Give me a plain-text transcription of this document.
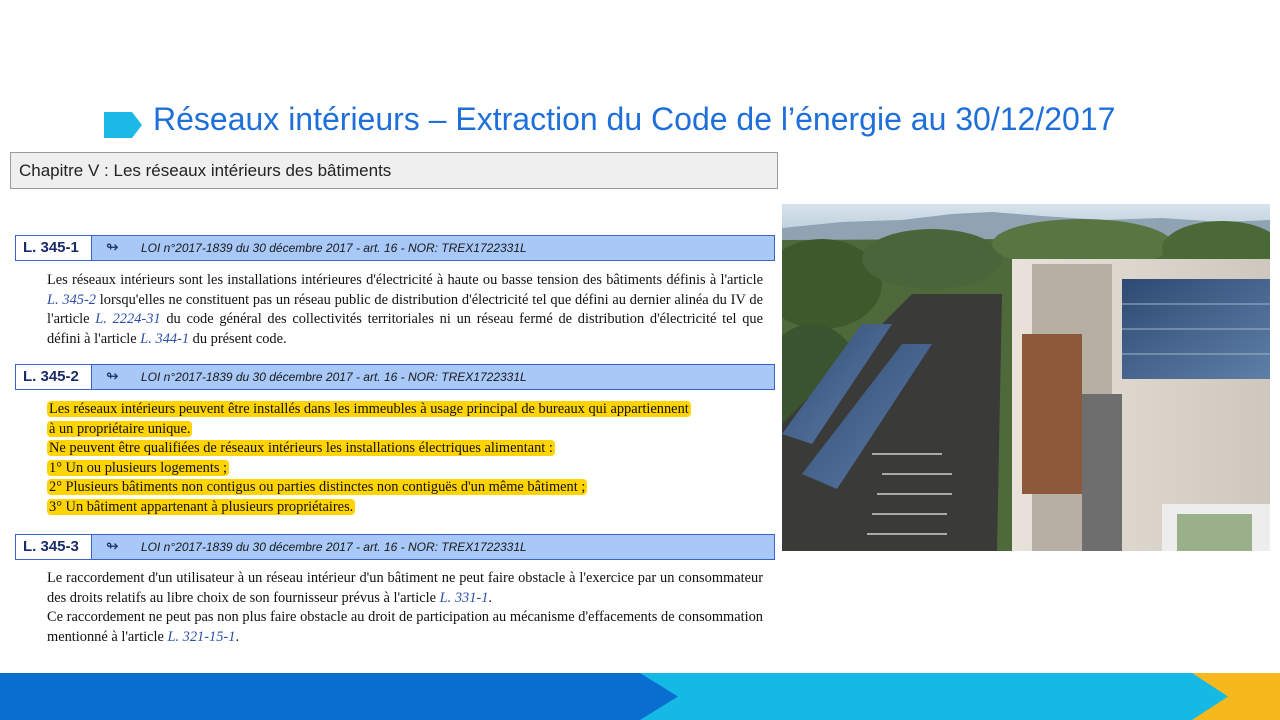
Réseaux intérieurs – Extraction du Code de l’énergie au 30/12/2017
Chapitre V : Les réseaux intérieurs des bâtiments
L. 345-1	↬ LOI n°2017-1839 du 30 décembre 2017 - art. 16 - NOR: TREX1722331L
Les réseaux intérieurs sont les installations intérieures d'électricité à haute ou basse tension des bâtiments définis à l'article L. 345-2 lorsqu'elles ne constituent pas un réseau public de distribution d'électricité tel que défini au dernier alinéa du IV de l'article L. 2224-31 du code général des collectivités territoriales ni un réseau fermé de distribution d'électricité tel que défini à l'article L. 344-1 du présent code.
L. 345-2	↬ LOI n°2017-1839 du 30 décembre 2017 - art. 16 - NOR: TREX1722331L
Les réseaux intérieurs peuvent être installés dans les immeubles à usage principal de bureaux qui appartiennent
à un propriétaire unique.
Ne peuvent être qualifiées de réseaux intérieurs les installations électriques alimentant :
1° Un ou plusieurs logements ;
2° Plusieurs bâtiments non contigus ou parties distinctes non contiguës d'un même bâtiment ;
3° Un bâtiment appartenant à plusieurs propriétaires.
L. 345-3	↬ LOI n°2017-1839 du 30 décembre 2017 - art. 16 - NOR: TREX1722331L
Le raccordement d'un utilisateur à un réseau intérieur d'un bâtiment ne peut faire obstacle à l'exercice par un consommateur des droits relatifs au libre choix de son fournisseur prévus à l'article L. 331-1.
Ce raccordement ne peut pas non plus faire obstacle au droit de participation au mécanisme d'effacements de consommation mentionné à l'article L. 321-15-1.
